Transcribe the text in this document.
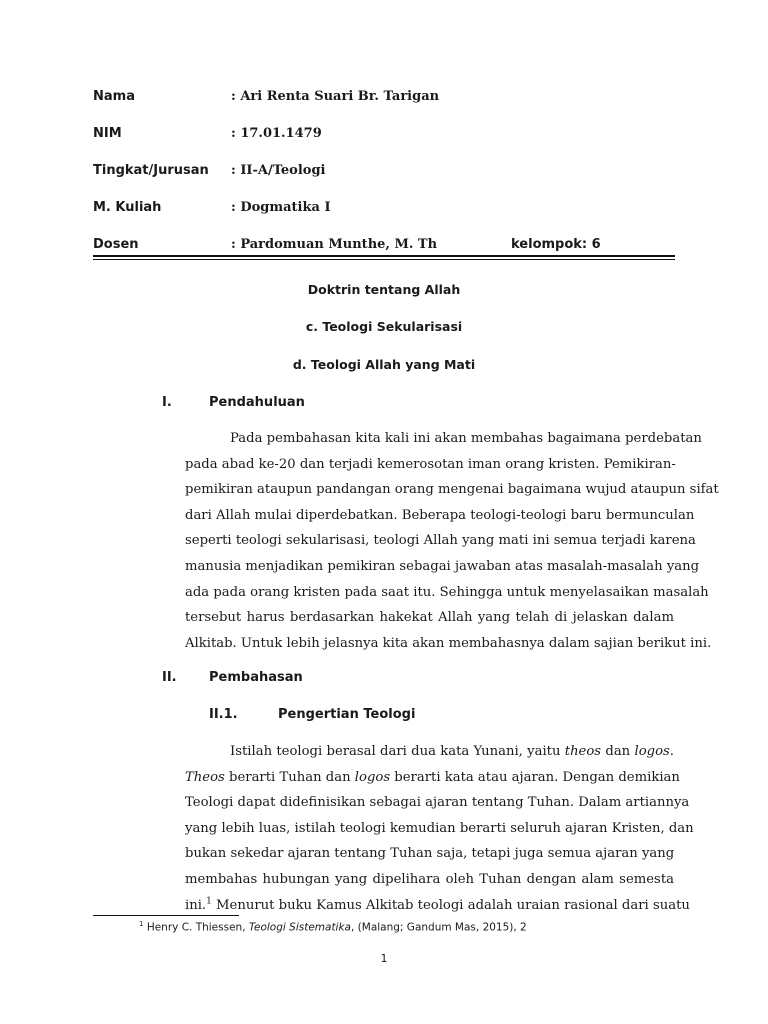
Nama	: Ari Renta Suari Br. Tarigan
NIM	: 17.01.1479
Tingkat/Jurusan : II-A/Teologi
M. Kuliah	: Dogmatika I
Dosen	: Pardomuan Munthe, M. Th	kelompok: 6
Doktrin tentang Allah
c. Teologi Sekularisasi
d. Teologi Allah yang Mati
I.	Pendahuluan
Pada pembahasan kita kali ini akan membahas bagaimana perdebatan
pada abad ke-20 dan terjadi kemerosotan iman orang kristen. Pemikiran-
pemikiran ataupun pandangan orang mengenai bagaimana wujud ataupun sifat
dari Allah mulai diperdebatkan. Beberapa teologi-teologi baru bermunculan
seperti teologi sekularisasi, teologi Allah yang mati ini semua terjadi karena
manusia menjadikan pemikiran sebagai jawaban atas masalah-masalah yang
ada pada orang kristen pada saat itu. Sehingga untuk menyelasaikan masalah
tersebut harus berdasarkan hakekat Allah yang telah di jelaskan dalam
Alkitab. Untuk lebih jelasnya kita akan membahasnya dalam sajian berikut ini.
II. Pembahasan
II.1.	Pengertian Teologi
Istilah teologi berasal dari dua kata Yunani, yaitu theos dan logos.
Theos berarti Tuhan dan logos berarti kata atau ajaran. Dengan demikian
Teologi dapat didefinisikan sebagai ajaran tentang Tuhan. Dalam artiannya
yang lebih luas, istilah teologi kemudian berarti seluruh ajaran Kristen, dan
bukan sekedar ajaran tentang Tuhan saja, tetapi juga semua ajaran yang
membahas hubungan yang dipelihara oleh Tuhan dengan alam semesta
ini.$^1$ Menurut buku Kamus Alkitab teologi adalah uraian rasional dari suatu
$^1$ Henry C. Thiessen, Teologi Sistematika, (Malang; Gandum Mas, 2015), 2
1
